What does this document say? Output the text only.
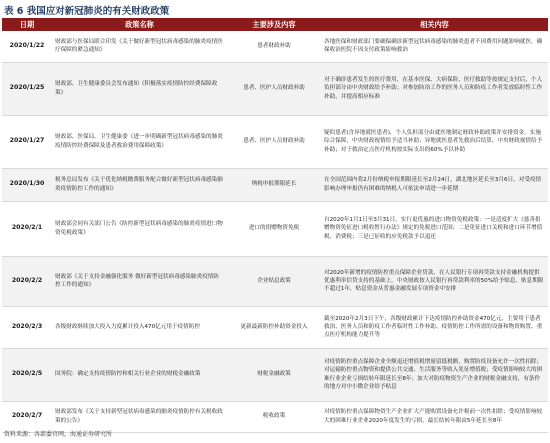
表 6 我国应对新冠肺炎的有关财政政策
日期	政策名称	主要涉及内容	相关内容
2020/1/22	财政部与医保局联合印发《关于做好新型冠状病毒感染的肺炎疫情医疗保障的紧急通知》	患者财政补助	各地医保和财政部门要确保确诊新型冠状病毒感染的肺炎患者不因费用问题影响就医，确保收治医院不因支付政策影响救治
2020/1/25	财政部、卫生健康委员会发布通知《积极落实疫情防控经费保障政策》	患者、医护人员财政补助	对于确诊患者发生的医疗费用，在基本医保、大病保险、医疗救助等按规定支付后，个人负担部分由中央财政给予补助；对参加防治工作的医务人员和防疫工作者发放临时性工作补助，并提高相应标准
2020/1/27	财政部、医保局、卫生健康委《进一步明确新型冠状病毒感染的肺炎疫情防控经费保障及患者救治费用保障政策》	患者、医护人员财政补助	疑似患者(含异地就医患者)，个人负担部分由就医地制定财政补助政策并安排资金，实施综合保障，中央财政视情给予适当补助；异地就医患者先救治后结算，中央财政视情给予补助；对于救治定点医疗机构按实际支出的60%予以补助
2020/1/30	税务总局发布《关于优化纳税缴费服务配合做好新型冠状病毒感染肺炎疫情防控工作的通知》	纳税申报期限延长	在全国范围内将2月份纳税申报期限延长至2月24日，湖北地区延长至3月6日，对受疫情影响办理申报仍有困难的纳税人可依法申请进一步延期
2020/2/1	财政部会同有关部门公告《防控新型冠状病毒感染的肺炎疫情进口物资免税政策》	进口的捐赠物资免税	自2020年1月1日至3月31日，实行更优惠的进口物资免税政策：一是适度扩大《慈善捐赠物资免征进口税收暂行办法》规定的免税进口范围；二是免征进口关税和进口环节增值税、消费税；三是已征收的应免税款予以退还
2020/2/2	财政部《关于支持金融强化服务 做好新型冠状病毒感染肺炎疫情防控工作的通知》	企业贴息政策	对2020年新增的疫情防控重点保障企业贷款，在人民银行专项再贷款支持金融机构提供优惠利率信贷支持的基础上，中央财政按人民银行再贷款利率的50%给予贴息，贴息期限不超过1年，贴息资金从普惠金融发展专项资金中安排
2020/2/3	各级财政继续加大投入力度累计投入470亿元用于疫情防控	更新最新防控补助资金投入	截至2020年2月3日下午，各级财政累计下达疫情防控补助资金470亿元，主要用于患者救治、医务人员和防疫工作者临时性工作补助、疫情防控工作所需的设备和物资购置、重点医疗机构能力提升等
2020/2/5	国务院：确定支持疫情防控和相关行业企业的财税金融政策	财税金融政策	对疫情防控重点保障企业全额退还增值税增量留抵税额，购置防疫设备允许一次性扣除；对运输防控重点物资和提供公共交通、生活服务等收入免征增值税；受疫情影响较大的困难行业企业亏损结转年限延长至8年；加大对防疫物资生产企业的财税金融支持，有条件的地方对中小微企业给予贴息
2020/2/7	财政部发布《关于支持新型冠状病毒感染的肺炎疫情防控有关税收政策的公告》	税收政策	对疫情防控重点保障物资生产企业扩大产能购置设备允许税前一次性扣除；受疫情影响较大的困难行业企业2020年度发生的亏损，最长结转年限由5年延长至8年
资料来源：各部委官网，海通证券研究所
